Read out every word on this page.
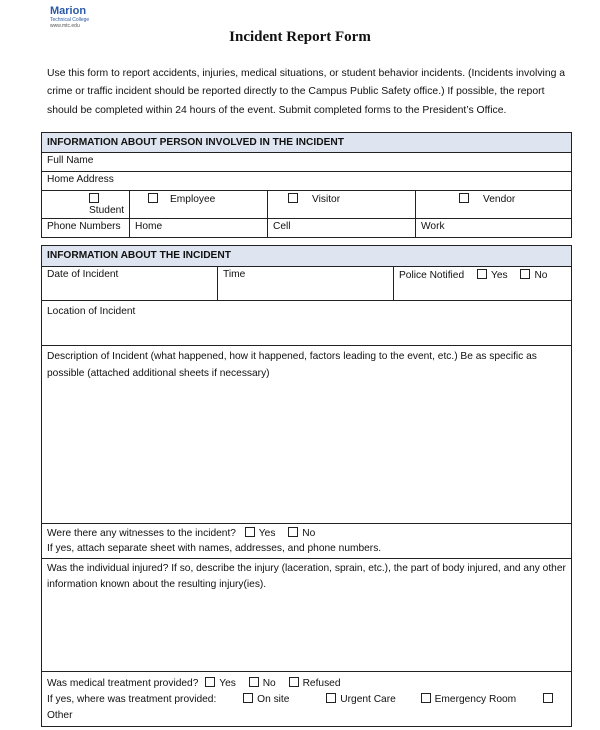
Marion
Technical College
www.mtc.edu
Incident Report Form
Use this form to report accidents, injuries, medical situations, or student behavior incidents. (Incidents involving a crime or traffic incident should be reported directly to the Campus Public Safety office.) If possible, the report should be completed within 24 hours of the event. Submit completed forms to the President’s Office.
INFORMATION ABOUT PERSON INVOLVED IN THE INCIDENT			
Full Name			
Home Address			
Student	Employee	Visitor	Vendor
Phone Numbers	Home	Cell	Work
INFORMATION ABOUT THE INCIDENT
Date of Incident	Time	Police Notified	Yes	No
Location of Incident
Description of Incident (what happened, how it happened, factors leading to the event, etc.) Be as specific as possible (attached additional sheets if necessary)
Were there any witnesses to the incident? Yes	No
If yes, attach separate sheet with names, addresses, and phone numbers.
Was the individual injured? If so, describe the injury (laceration, sprain, etc.), the part of body injured, and any other information known about the resulting injury(ies).
Was medical treatment provided? Yes	No	Refused
If yes, where was treatment provided:	On site	Urgent Care	Emergency Room Other
